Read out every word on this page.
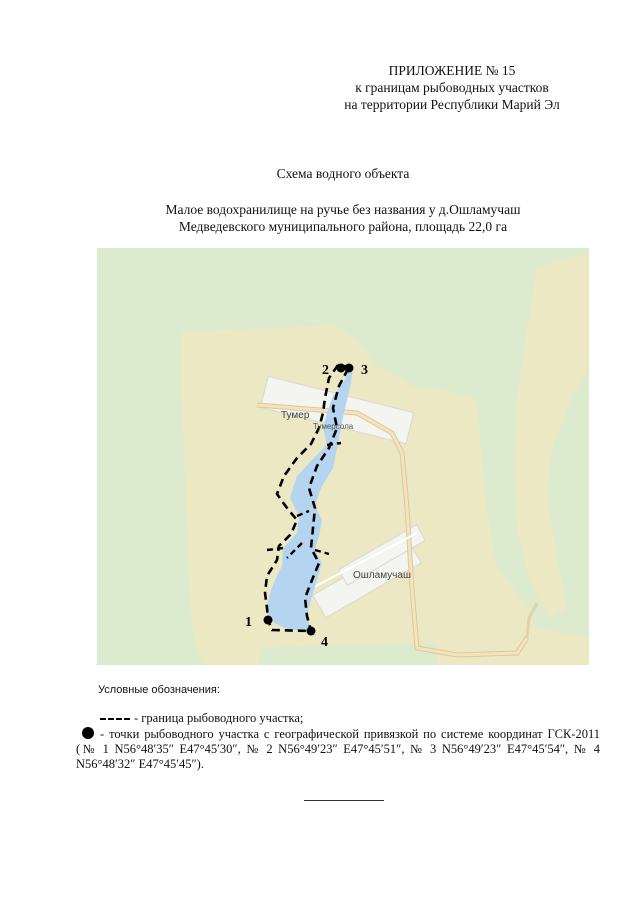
ПРИЛОЖЕНИЕ № 15
к границам рыбоводных участков
на территории Республики Марий Эл
Схема водного объекта
Малое водохранилище на ручье без названия у д.Ошламучаш
Медведевского муниципального района, площадь 22,0 га
Тумер
Тумерсола
Ошламучаш
2 3
1
4
Условные обозначения:
- граница рыбоводного участка;
- точки рыбоводного участка с географической привязкой по системе координат ГСК-2011 (№ 1 N56°48′35″ E47°45′30″, № 2 N56°49′23″ E47°45′51″, № 3 N56°49′23″ E47°45′54″, № 4 N56°48′32″ E47°45′45″).
